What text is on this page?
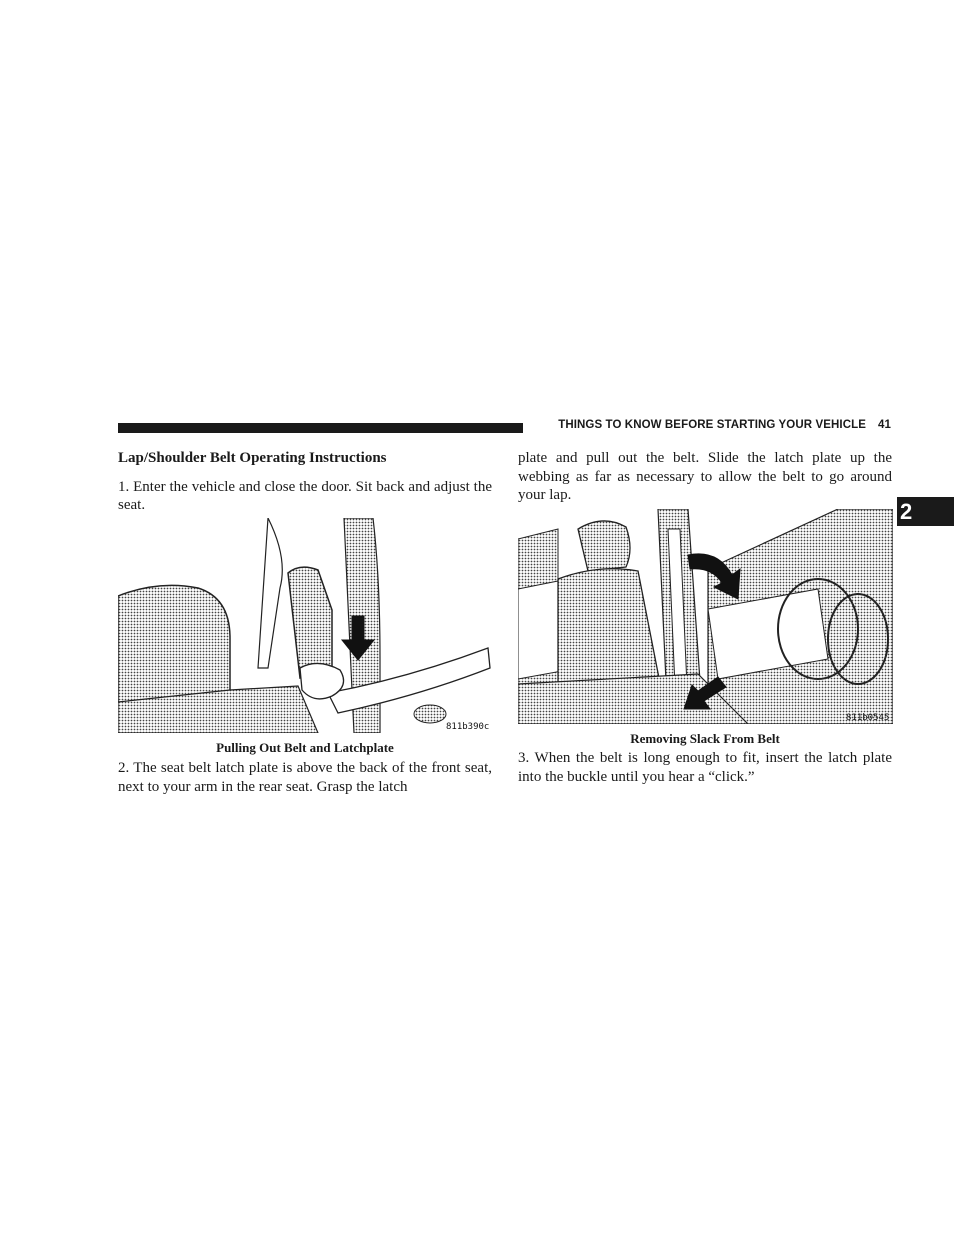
THINGS TO KNOW BEFORE STARTING YOUR VEHICLE 41
2

Lap/Shoulder Belt Operating Instructions

1. Enter the vehicle and close the door. Sit back and adjust the seat.

811b390c
Pulling Out Belt and Latchplate

2. The seat belt latch plate is above the back of the front seat, next to your arm in the rear seat. Grasp the latch

plate and pull out the belt. Slide the latch plate up the webbing as far as necessary to allow the belt to go around your lap.

811b0545
Removing Slack From Belt

3. When the belt is long enough to fit, insert the latch plate into the buckle until you hear a “click.”
